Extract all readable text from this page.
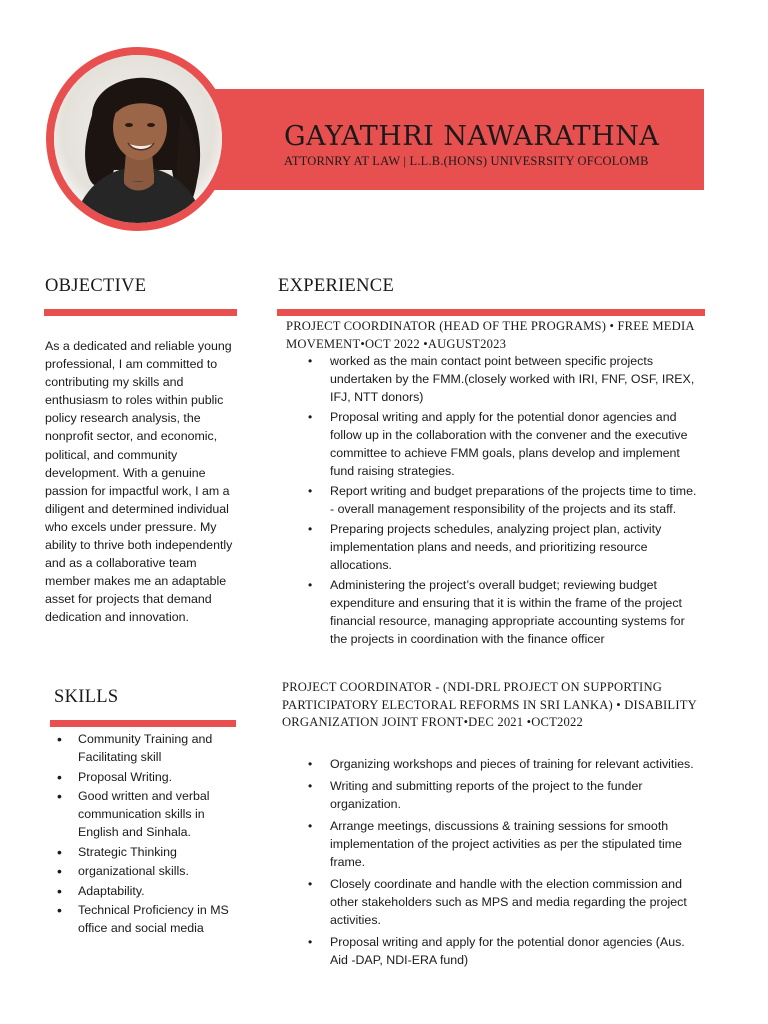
GAYATHRI NAWARATHNA
ATTORNRY AT LAW | L.L.B.(HONS) UNIVESRSITY OFCOLOMB
OBJECTIVE

As a dedicated and reliable young professional, I am committed to contributing my skills and enthusiasm to roles within public policy research analysis, the nonprofit sector, and economic, political, and community development. With a genuine passion for impactful work, I am a diligent and determined individual who excels under pressure. My ability to thrive both independently and as a collaborative team member makes me an adaptable asset for projects that demand dedication and innovation.

SKILLS
• Community Training and Facilitating skill
• Proposal Writing.
• Good written and verbal communication skills in English and Sinhala.
• Strategic Thinking
• organizational skills.
• Adaptability.
• Technical Proficiency in MS office and social media
EXPERIENCE
PROJECT COORDINATOR (HEAD OF THE PROGRAMS) • FREE MEDIA MOVEMENT•OCT 2022 •AUGUST2023
• worked as the main contact point between specific projects undertaken by the FMM.(closely worked with IRI, FNF, OSF, IREX, IFJ, NTT donors)
• Proposal writing and apply for the potential donor agencies and follow up in the collaboration with the convener and the executive committee to achieve FMM goals, plans develop and implement fund raising strategies.
• Report writing and budget preparations of the projects time to time. - overall management responsibility of the projects and its staff.
• Preparing projects schedules, analyzing project plan, activity implementation plans and needs, and prioritizing resource allocations.
• Administering the project’s overall budget; reviewing budget expenditure and ensuring that it is within the frame of the project financial resource, managing appropriate accounting systems for the projects in coordination with the finance officer
PROJECT COORDINATOR - (NDI-DRL PROJECT ON SUPPORTING PARTICIPATORY ELECTORAL REFORMS IN SRI LANKA) • DISABILITY ORGANIZATION JOINT FRONT•DEC 2021 •OCT2022
• Organizing workshops and pieces of training for relevant activities.
• Writing and submitting reports of the project to the funder organization.
• Arrange meetings, discussions & training sessions for smooth implementation of the project activities as per the stipulated time frame.
• Closely coordinate and handle with the election commission and other stakeholders such as MPS and media regarding the project activities.
• Proposal writing and apply for the potential donor agencies (Aus. Aid -DAP, NDI-ERA fund)
